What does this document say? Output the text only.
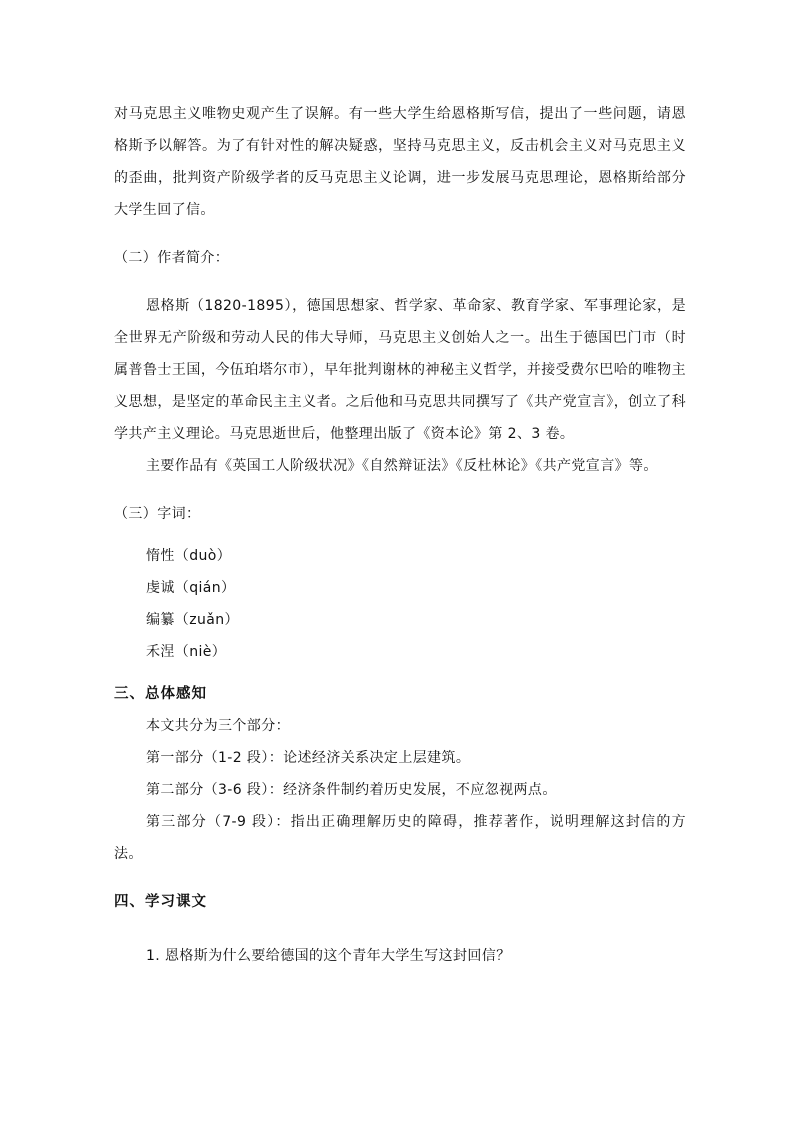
对马克思主义唯物史观产生了误解。有一些大学生给恩格斯写信，提出了一些问题，请恩格斯予以解答。为了有针对性的解决疑惑，坚持马克思主义，反击机会主义对马克思主义的歪曲，批判资产阶级学者的反马克思主义论调，进一步发展马克思理论，恩格斯给部分大学生回了信。

（二）作者简介：

恩格斯（1820-1895），德国思想家、哲学家、革命家、教育学家、军事理论家，是全世界无产阶级和劳动人民的伟大导师，马克思主义创始人之一。出生于德国巴门市（时属普鲁士王国，今伍珀塔尔市），早年批判谢林的神秘主义哲学，并接受费尔巴哈的唯物主义思想，是坚定的革命民主主义者。之后他和马克思共同撰写了《共产党宣言》，创立了科学共产主义理论。马克思逝世后，他整理出版了《资本论》第 2、3 卷。

主要作品有《英国工人阶级状况》《自然辩证法》《反杜林论》《共产党宣言》等。

（三）字词：

惰性（duò）

虔诚（qián）

编纂（zuǎn）

禾涅（niè）

三、总体感知

本文共分为三个部分：

第一部分（1-2 段）：论述经济关系决定上层建筑。

第二部分（3-6 段）：经济条件制约着历史发展，不应忽视两点。

第三部分（7-9 段）：指出正确理解历史的障碍，推荐著作，说明理解这封信的方法。

四、学习课文

1. 恩格斯为什么要给德国的这个青年大学生写这封回信？
